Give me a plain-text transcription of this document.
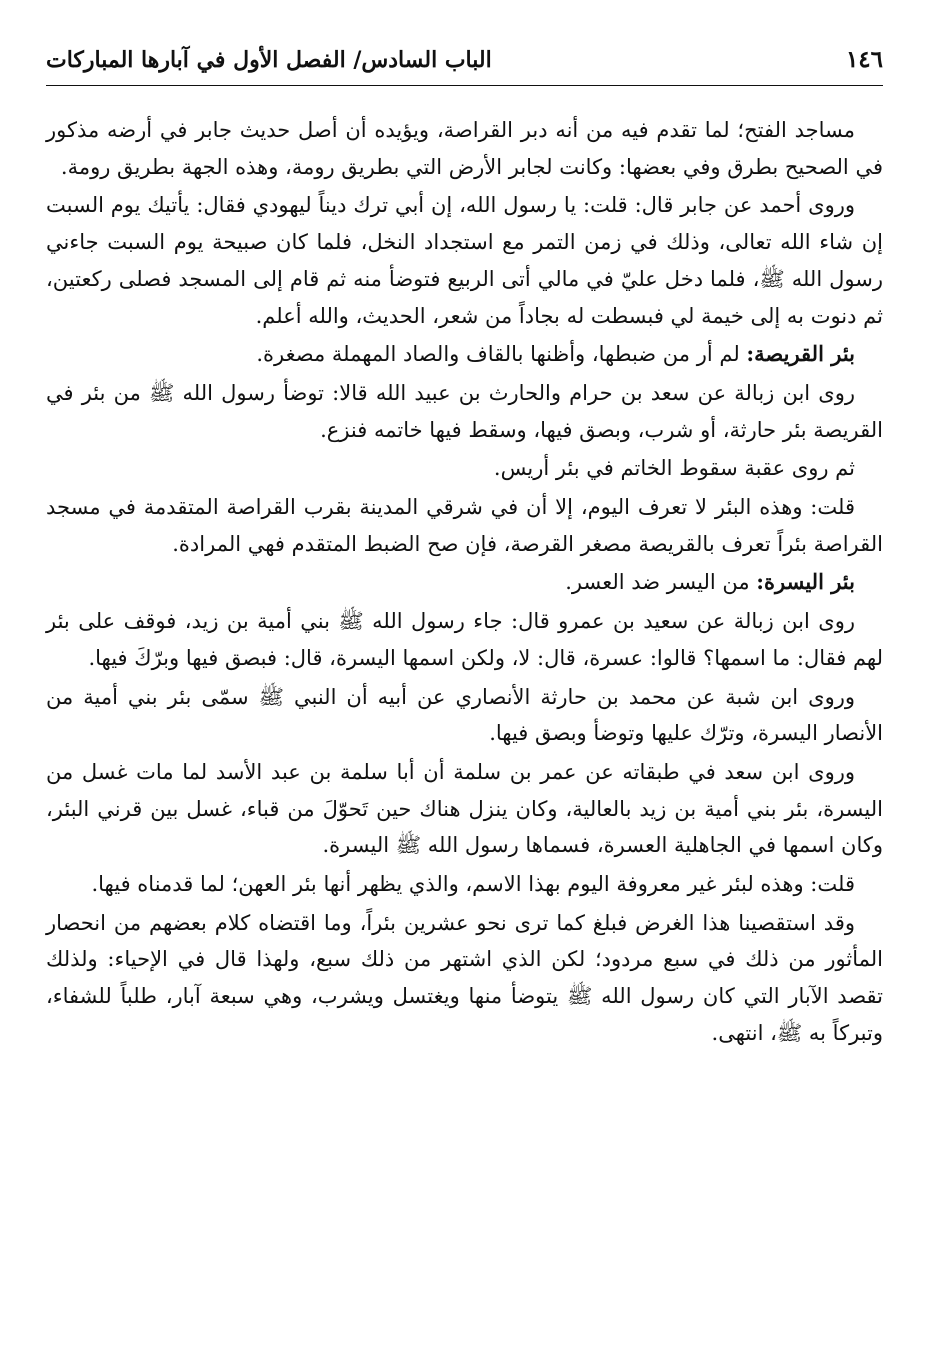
١٤٦
الباب السادس/ الفصل الأول في آبارها المباركات

مساجد الفتح؛ لما تقدم فيه من أنه دبر القراصة، ويؤيده أن أصل حديث جابر في أرضه مذكور في الصحيح بطرق وفي بعضها: وكانت لجابر الأرض التي بطريق رومة، وهذه الجهة بطريق رومة.

وروى أحمد عن جابر قال: قلت: يا رسول الله، إن أبي ترك ديناً ليهودي فقال: يأتيك يوم السبت إن شاء الله تعالى، وذلك في زمن التمر مع استجداد النخل، فلما كان صبيحة يوم السبت جاءني رسول الله ﷺ، فلما دخل عليّ في مالي أتى الربيع فتوضأ منه ثم قام إلى المسجد فصلى ركعتين، ثم دنوت به إلى خيمة لي فبسطت له بجاداً من شعر، الحديث، والله أعلم.

بئر القريصة: لم أر من ضبطها، وأظنها بالقاف والصاد المهملة مصغرة.

روى ابن زبالة عن سعد بن حرام والحارث بن عبيد الله قالا: توضأ رسول الله ﷺ من بئر في القريصة بئر حارثة، أو شرب، وبصق فيها، وسقط فيها خاتمه فنزع.

ثم روى عقبة سقوط الخاتم في بئر أريس.

قلت: وهذه البئر لا تعرف اليوم، إلا أن في شرقي المدينة بقرب القراصة المتقدمة في مسجد القراصة بئراً تعرف بالقريصة مصغر القرصة، فإن صح الضبط المتقدم فهي المرادة.

بئر اليسرة: من اليسر ضد العسر.

روى ابن زبالة عن سعيد بن عمرو قال: جاء رسول الله ﷺ بني أمية بن زيد، فوقف على بئر لهم فقال: ما اسمها؟ قالوا: عسرة، قال: لا، ولكن اسمها اليسرة، قال: فبصق فيها وبرّكَ فيها.

وروى ابن شبة عن محمد بن حارثة الأنصاري عن أبيه أن النبي ﷺ سمّى بئر بني أمية من الأنصار اليسرة، وترّك عليها وتوضأ وبصق فيها.

وروى ابن سعد في طبقاته عن عمر بن سلمة أن أبا سلمة بن عبد الأسد لما مات غسل من اليسرة، بئر بني أمية بن زيد بالعالية، وكان ينزل هناك حين تَحوّلَ من قباء، غسل بين قرني البئر، وكان اسمها في الجاهلية العسرة، فسماها رسول الله ﷺ اليسرة.

قلت: وهذه لبئر غير معروفة اليوم بهذا الاسم، والذي يظهر أنها بئر العهن؛ لما قدمناه فيها.

وقد استقصينا هذا الغرض فبلغ كما ترى نحو عشرين بئراً، وما اقتضاه كلام بعضهم من انحصار المأثور من ذلك في سبع مردود؛ لكن الذي اشتهر من ذلك سبع، ولهذا قال في الإحياء: ولذلك تقصد الآبار التي كان رسول الله ﷺ يتوضأ منها ويغتسل ويشرب، وهي سبعة آبار، طلباً للشفاء، وتبركاً به ﷺ، انتهى.
